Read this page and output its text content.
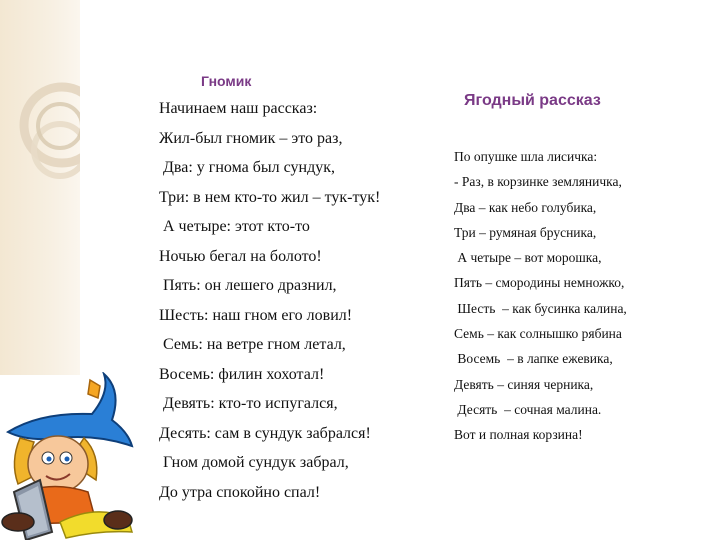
Гномик
Начинаем наш рассказ:
Жил-был гномик – это раз,
Два: у гнома был сундук,
Три: в нем кто-то жил – тук-тук!
А четыре: этот кто-то
Ночью бегал на болото!
Пять: он лешего дразнил,
Шесть: наш гном его ловил!
Семь: на ветре гном летал,
Восемь: филин хохотал!
Девять: кто-то испугался,
Десять: сам в сундук забрался!
Гном домой сундук забрал,
До утра спокойно спал!
Ягодный рассказ
По опушке шла лисичка:
- Раз, в корзинке земляничка,
Два – как небо голубика,
Три – румяная брусника,
А четыре – вот морошка,
Пять – смородины немножко,
Шесть  – как бусинка калина,
Семь – как солнышко рябина
Восемь  – в лапке ежевика,
Девять – синяя черника,
Десять  – сочная малина.
Вот и полная корзина!
